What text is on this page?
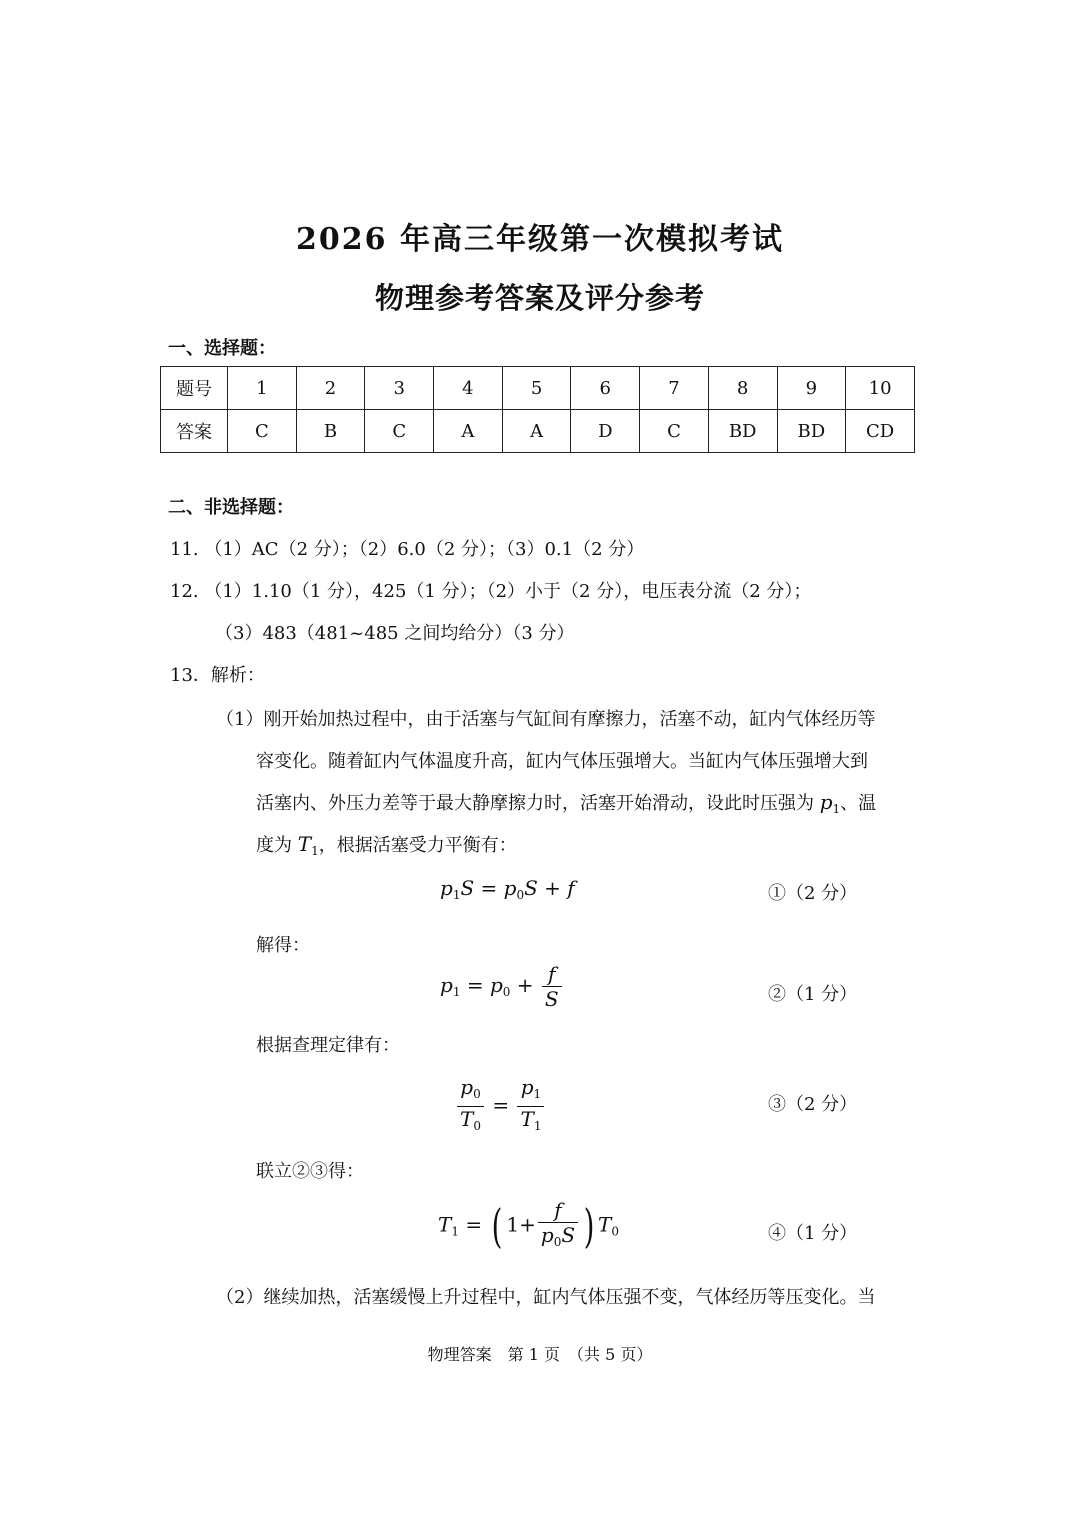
2026 年高三年级第一次模拟考试
物理参考答案及评分参考
一、选择题：
题号	1	2	3	4	5	6	7	8	9	10
答案	C	B	C	A	A	D	C	BD	BD	CD
二、非选择题：
11. （1）AC（2 分）；（2）6.0（2 分）；（3）0.1（2 分）
12. （1）1.10（1 分），425（1 分）；（2）小于（2 分），电压表分流（2 分）；
（3）483（481~485 之间均给分）（3 分）
13．解析：
（1）刚开始加热过程中，由于活塞与气缸间有摩擦力，活塞不动，缸内气体经历等
容变化。随着缸内气体温度升高，缸内气体压强增大。当缸内气体压强增大到
活塞内、外压力差等于最大静摩擦力时，活塞开始滑动，设此时压强为 $p_1$、温
度为 $T_1$，根据活塞受力平衡有：
$p_1S = p_0S + f$	①（2 分）
解得：
$p_1 = p_0 + \frac{f}{S}$	②（1 分）
根据查理定律有：
$\frac{p_0}{T_0} = \frac{p_1}{T_1}$	③（2 分）
联立②③得：
$T_1$ = ( $1+ \frac{f}{p_0S}$ ) $T_0$	④（1 分）
（2）继续加热，活塞缓慢上升过程中，缸内气体压强不变，气体经历等压变化。当
物理答案　第 1 页　（共 5 页）
